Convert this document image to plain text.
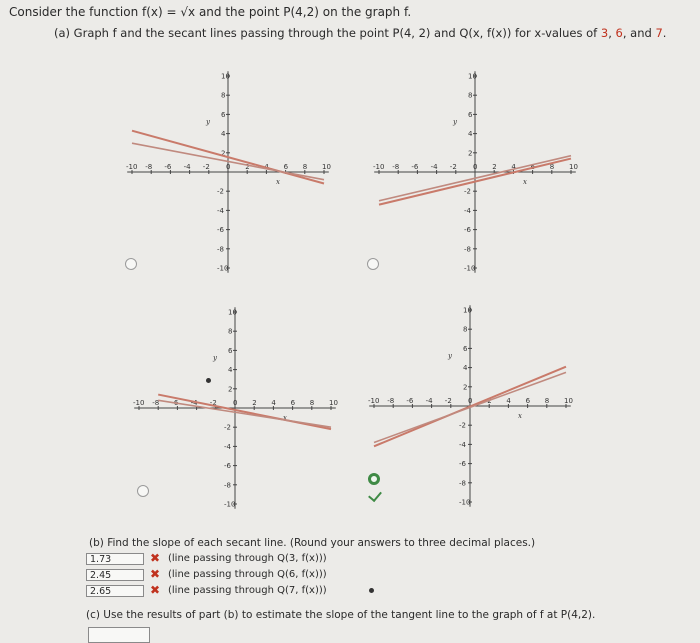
Consider the function f(x) = √x and the point P(4,2) on the graph f.
(a) Graph f and the secant lines passing through the point P(4, 2) and Q(x, f(x)) for x-values of 3, 6, and 7.
-10 -8 -6 -4 -2 0 2 4 6 8 10
10
8
6
4
2
-2
-4
-6
-8
-10
y
x
-10 -8 -6 -4 -2 0 2 4 6 8 10
10
8
6
4
2
-2
-4
-6
-8
-10
y
x
-10 -8 -6 -4 -2 0 2 4 6 8 10
10
8
6
4
2
-2
-4
-6
-8
-10
y
x
-10 -8 -6 -4 -2 0 2 4 6 8 10
10
8
6
4
2
-2
-4
-6
-8
-10
y
x
(b) Find the slope of each secant line. (Round your answers to three decimal places.)
1.73	✖ (line passing through Q(3, f(x)))
2.45	✖ (line passing through Q(6, f(x)))
2.65	✖ (line passing through Q(7, f(x)))
(c) Use the results of part (b) to estimate the slope of the tangent line to the graph of f at P(4,2).
